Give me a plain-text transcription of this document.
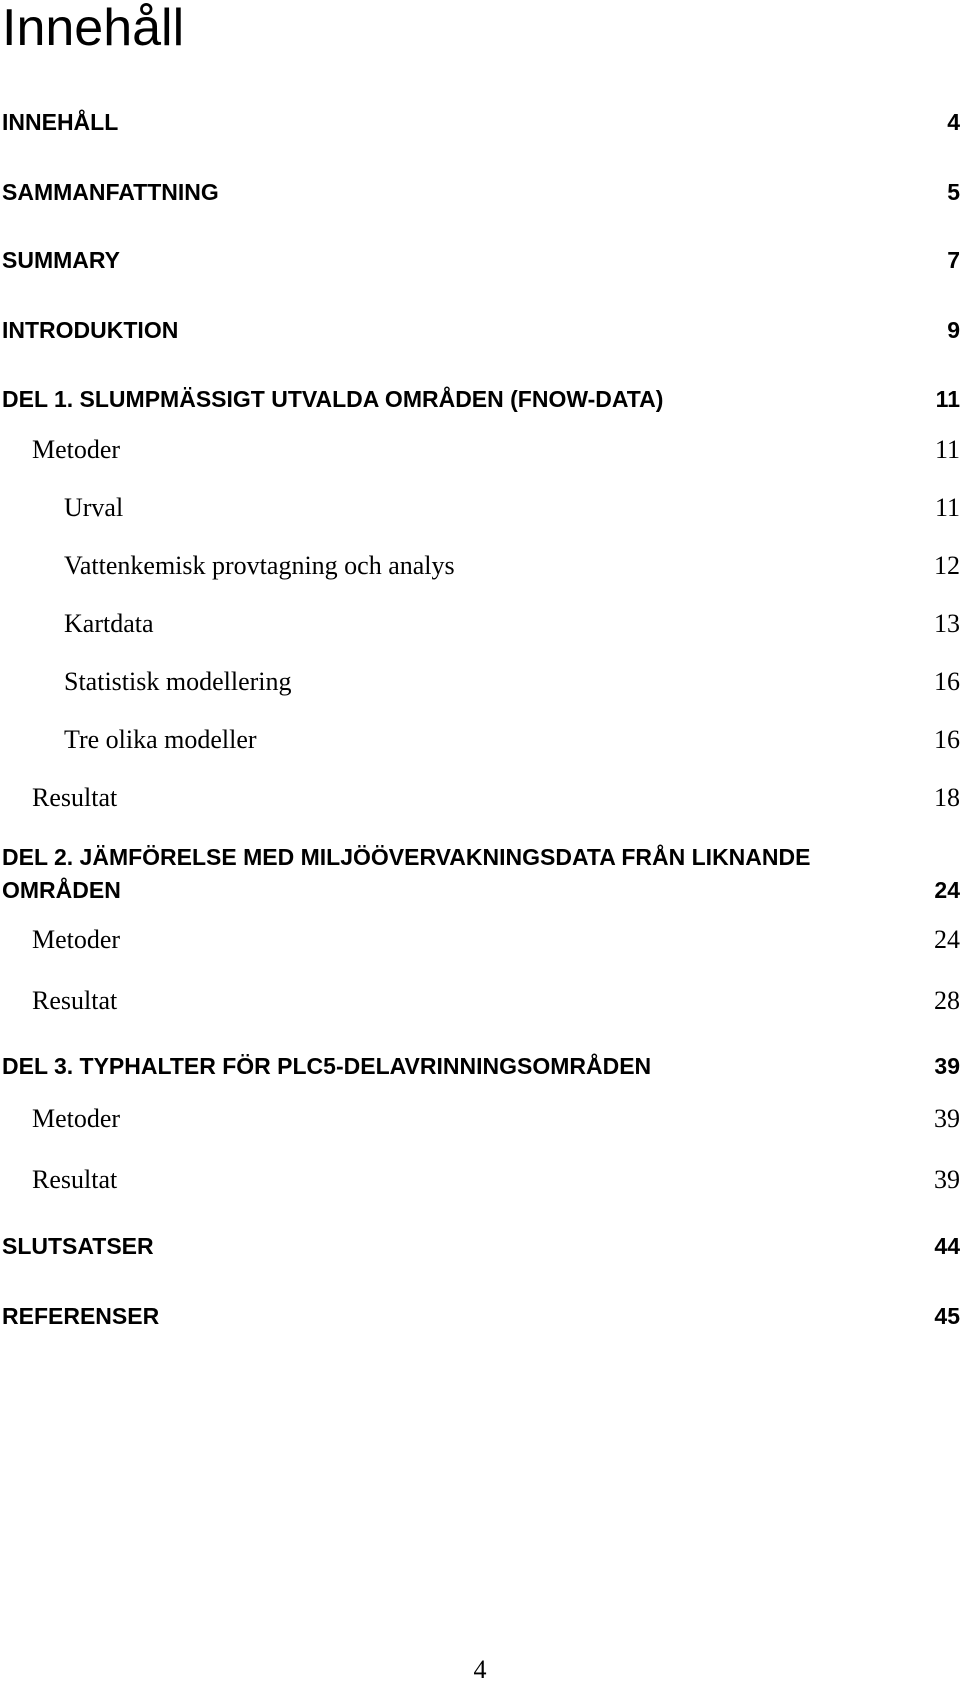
Innehåll
INNEHÅLL	4
SAMMANFATTNING	5
SUMMARY	7
INTRODUKTION	9
DEL 1. SLUMPMÄSSIGT UTVALDA OMRÅDEN (FNOW-DATA)	11
Metoder	11
Urval	11
Vattenkemisk provtagning och analys	12
Kartdata	13
Statistisk modellering	16
Tre olika modeller	16
Resultat	18
DEL 2. JÄMFÖRELSE MED MILJÖÖVERVAKNINGSDATA FRÅN LIKNANDE
OMRÅDEN	24
Metoder	24
Resultat	28
DEL 3. TYPHALTER FÖR PLC5-DELAVRINNINGSOMRÅDEN	39
Metoder	39
Resultat	39
SLUTSATSER	44
REFERENSER	45
4
